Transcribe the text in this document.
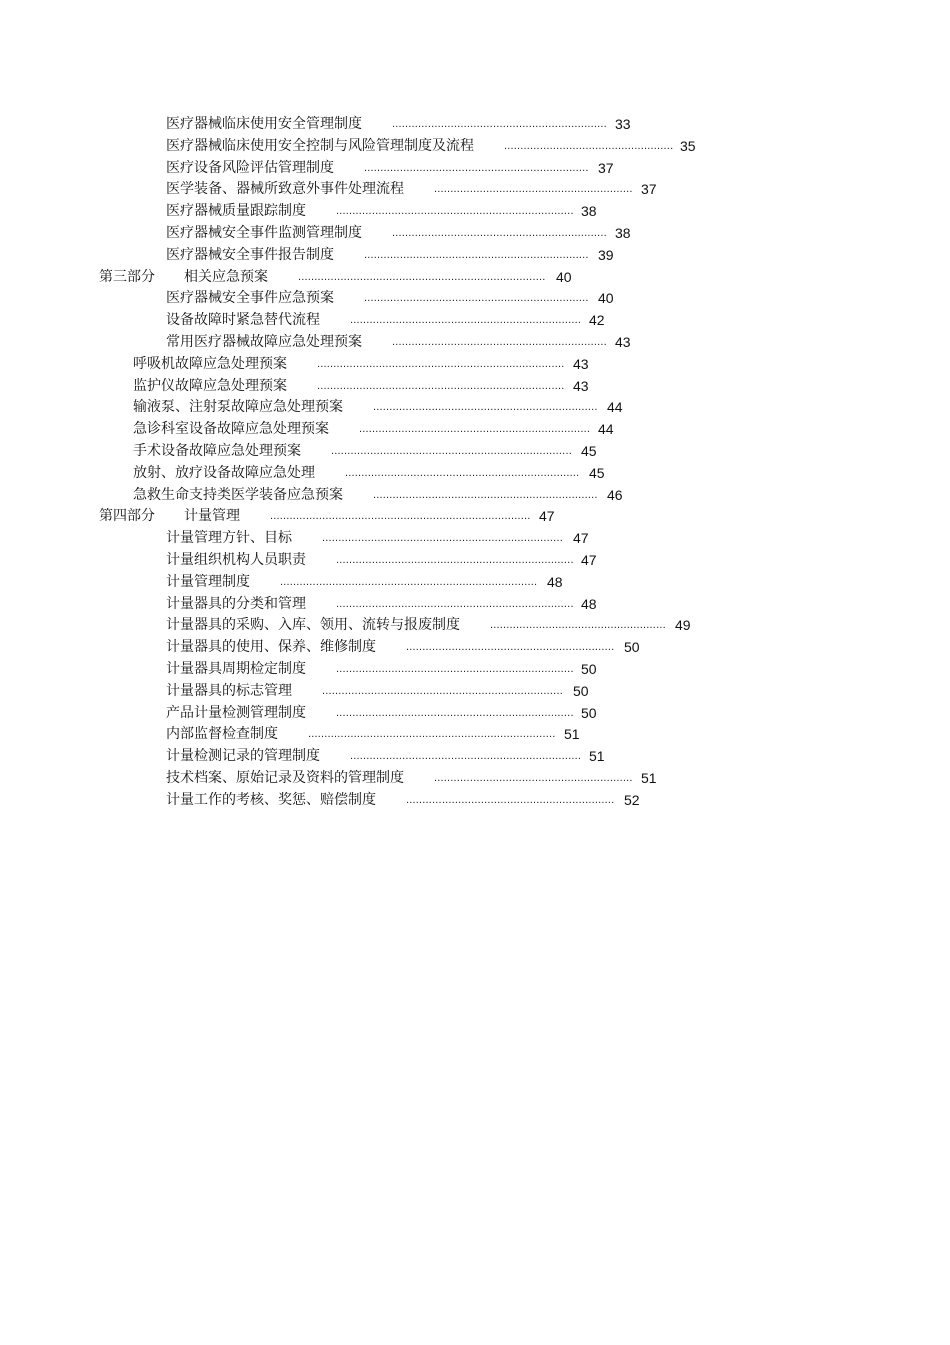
医疗器械临床使用安全管理制度	.................................................................. 33
医疗器械临床使用安全控制与风险管理制度及流程	.................................................... 35
医疗设备风险评估管理制度	..................................................................... 37
医学装备、器械所致意外事件处理流程	............................................................. 37
医疗器械质量跟踪制度	......................................................................... 38
医疗器械安全事件监测管理制度	.................................................................. 38
医疗器械安全事件报告制度	..................................................................... 39
第三部分 相关应急预案	............................................................................ 40
医疗器械安全事件应急预案	..................................................................... 40
设备故障时紧急替代流程	....................................................................... 42
常用医疗器械故障应急处理预案	.................................................................. 43
呼吸机故障应急处理预案	............................................................................ 43
监护仪故障应急处理预案	............................................................................ 43
输液泵、注射泵故障应急处理预案	..................................................................... 44
急诊科室设备故障应急处理预案	....................................................................... 44
手术设备故障应急处理预案	.......................................................................... 45
放射、放疗设备故障应急处理	........................................................................ 45
急救生命支持类医学装备应急预案	..................................................................... 46
第四部分 计量管理	................................................................................ 47
计量管理方针、目标	.......................................................................... 47
计量组织机构人员职责	......................................................................... 47
计量管理制度	............................................................................... 48
计量器具的分类和管理	......................................................................... 48
计量器具的采购、入库、领用、流转与报废制度	...................................................... 49
计量器具的使用、保养、维修制度	................................................................ 50
计量器具周期检定制度	......................................................................... 50
计量器具的标志管理	.......................................................................... 50
产品计量检测管理制度	......................................................................... 50
内部监督检查制度	............................................................................ 51
计量检测记录的管理制度	....................................................................... 51
技术档案、原始记录及资料的管理制度	............................................................. 51
计量工作的考核、奖惩、赔偿制度	................................................................ 52
